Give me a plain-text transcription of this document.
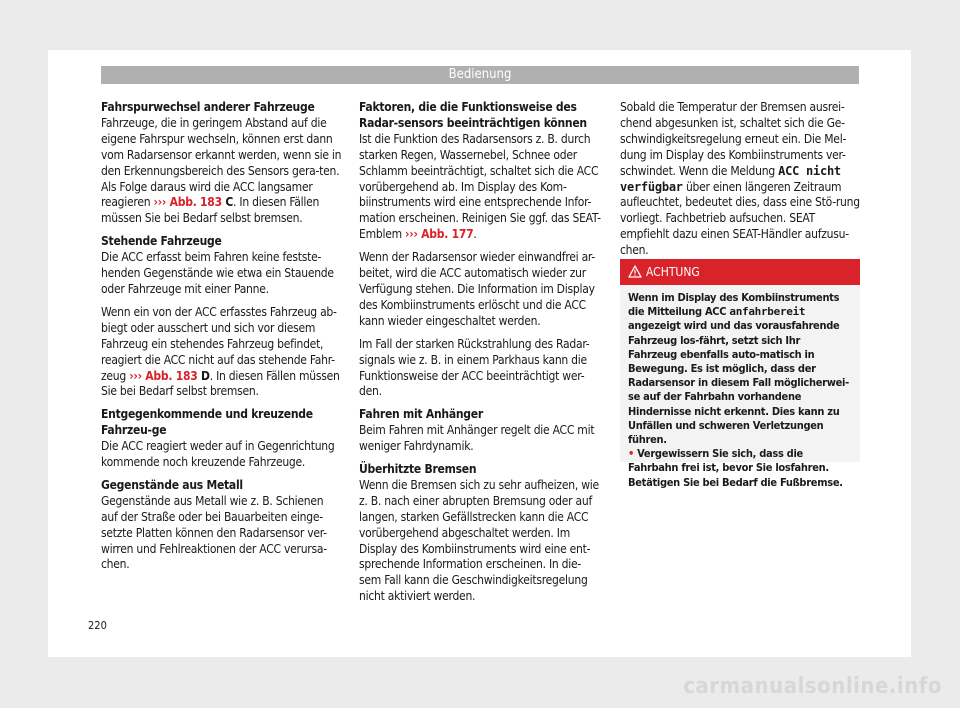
Bedienung
Fahrspurwechsel anderer Fahrzeuge

Fahrzeuge, die in geringem Abstand auf die eigene Fahrspur wechseln, können erst dann vom Radarsensor erkannt werden, wenn sie in den Erkennungsbereich des Sensors gera-ten. Als Folge daraus wird die ACC langsamer reagieren ››› Abb. 183 C. In diesen Fällen müssen Sie bei Bedarf selbst bremsen.

Stehende Fahrzeuge

Die ACC erfasst beim Fahren keine festste-henden Gegenstände wie etwa ein Stauende oder Fahrzeuge mit einer Panne.

Wenn ein von der ACC erfasstes Fahrzeug ab-biegt oder ausschert und sich vor diesem Fahrzeug ein stehendes Fahrzeug befindet, reagiert die ACC nicht auf das stehende Fahr-zeug ››› Abb. 183 D. In diesen Fällen müssen Sie bei Bedarf selbst bremsen.

Entgegenkommende und kreuzende Fahrzeu-ge

Die ACC reagiert weder auf in Gegenrichtung kommende noch kreuzende Fahrzeuge.

Gegenstände aus Metall

Gegenstände aus Metall wie z. B. Schienen auf der Straße oder bei Bauarbeiten einge-setzte Platten können den Radarsensor ver-wirren und Fehlreaktionen der ACC verursa-chen.

Faktoren, die die Funktionsweise des Radar-sensors beeinträchtigen können

Ist die Funktion des Radarsensors z. B. durch starken Regen, Wassernebel, Schnee oder Schlamm beeinträchtigt, schaltet sich die ACC vorübergehend ab. Im Display des Kom-biinstruments wird eine entsprechende Infor-mation erscheinen. Reinigen Sie ggf. das SEAT-Emblem ››› Abb. 177.

Wenn der Radarsensor wieder einwandfrei ar-beitet, wird die ACC automatisch wieder zur Verfügung stehen. Die Information im Display des Kombiinstruments erlöscht und die ACC kann wieder eingeschaltet werden.

Im Fall der starken Rückstrahlung des Radar-signals wie z. B. in einem Parkhaus kann die Funktionsweise der ACC beeinträchtigt wer-den.

Fahren mit Anhänger

Beim Fahren mit Anhänger regelt die ACC mit weniger Fahrdynamik.

Überhitzte Bremsen

Wenn die Bremsen sich zu sehr aufheizen, wie z. B. nach einer abrupten Bremsung oder auf langen, starken Gefällstrecken kann die ACC vorübergehend abgeschaltet werden. Im Display des Kombiinstruments wird eine ent-sprechende Information erscheinen. In die-sem Fall kann die Geschwindigkeitsregelung nicht aktiviert werden.

Sobald die Temperatur der Bremsen ausrei-chend abgesunken ist, schaltet sich die Ge-schwindigkeitsregelung erneut ein. Die Mel-dung im Display des Kombiinstruments ver-schwindet. Wenn die Meldung ACC nicht verfügbar über einen längeren Zeitraum aufleuchtet, bedeutet dies, dass eine Stö-rung vorliegt. Fachbetrieb aufsuchen. SEAT empfiehlt dazu einen SEAT-Händler aufzusu-chen.

ACHTUNG

Wenn im Display des Kombiinstruments die Mitteilung ACC anfahrbereit angezeigt wird und das vorausfahrende Fahrzeug los-fährt, setzt sich Ihr Fahrzeug ebenfalls auto-matisch in Bewegung. Es ist möglich, dass der Radarsensor in diesem Fall möglicherwei-se auf der Fahrbahn vorhandene Hindernisse nicht erkennt. Dies kann zu Unfällen und schweren Verletzungen führen.

• Vergewissern Sie sich, dass die Fahrbahn frei ist, bevor Sie losfahren. Betätigen Sie bei Bedarf die Fußbremse.

220
carmanualsonline.info
